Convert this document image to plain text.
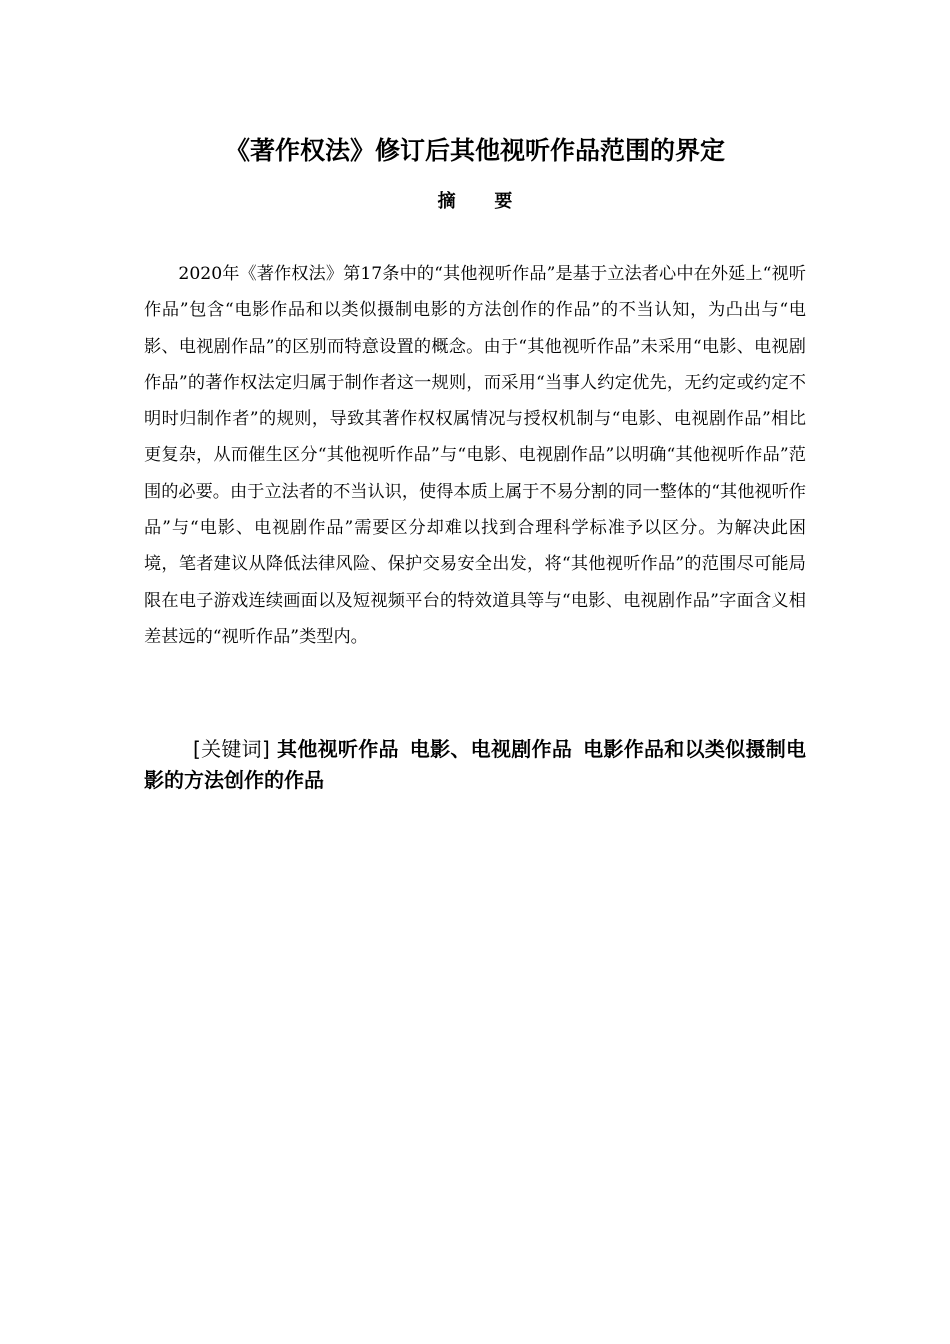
《著作权法》修订后其他视听作品范围的界定
摘 要

2020年《著作权法》第17条中的“其他视听作品”是基于立法者心中在外延上“视听作品”包含“电影作品和以类似摄制电影的方法创作的作品”的不当认知，为凸出与“电影、电视剧作品”的区别而特意设置的概念。由于“其他视听作品”未采用“电影、电视剧作品”的著作权法定归属于制作者这一规则，而采用“当事人约定优先，无约定或约定不明时归制作者”的规则，导致其著作权权属情况与授权机制与“电影、电视剧作品”相比更复杂，从而催生区分“其他视听作品”与“电影、电视剧作品”以明确“其他视听作品”范围的必要。由于立法者的不当认识，使得本质上属于不易分割的同一整体的“其他视听作品”与“电影、电视剧作品”需要区分却难以找到合理科学标准予以区分。为解决此困境，笔者建议从降低法律风险、保护交易安全出发，将“其他视听作品”的范围尽可能局限在电子游戏连续画面以及短视频平台的特效道具等与“电影、电视剧作品”字面含义相差甚远的“视听作品”类型内。

[关键词] 其他视听作品 电影、电视剧作品 电影作品和以类似摄制电影的方法创作的作品
